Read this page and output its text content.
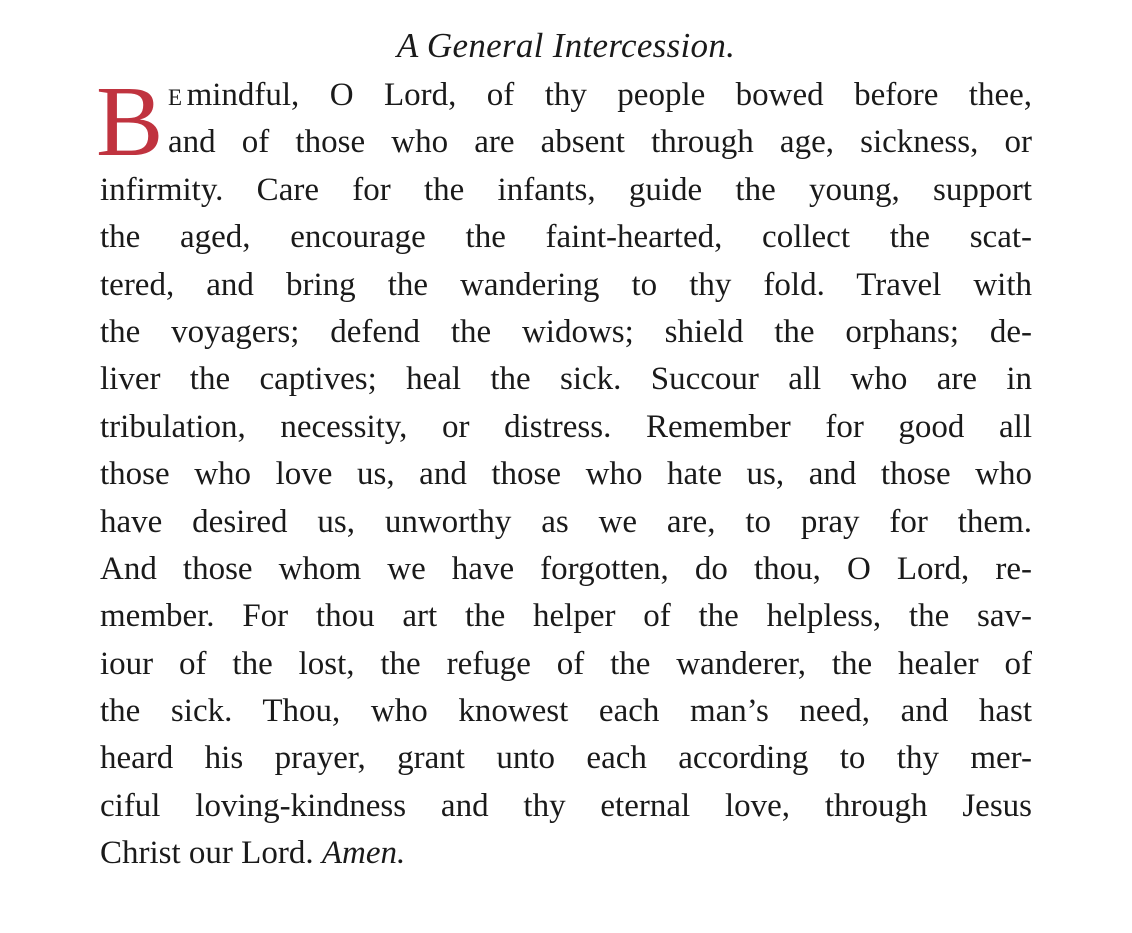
A General Intercession.
B E mindful, O Lord, of thy people bowed before thee,
and of those who are absent through age, sickness, or
infirmity. Care for the infants, guide the young, support
the aged, encourage the faint-hearted, collect the scat-
tered, and bring the wandering to thy fold. Travel with
the voyagers; defend the widows; shield the orphans; de-
liver the captives; heal the sick. Succour all who are in
tribulation, necessity, or distress. Remember for good all
those who love us, and those who hate us, and those who
have desired us, unworthy as we are, to pray for them.
And those whom we have forgotten, do thou, O Lord, re-
member. For thou art the helper of the helpless, the sav-
iour of the lost, the refuge of the wanderer, the healer of
the sick. Thou, who knowest each man’s need, and hast
heard his prayer, grant unto each according to thy mer-
ciful loving-kindness and thy eternal love, through Jesus
Christ our Lord. Amen.
